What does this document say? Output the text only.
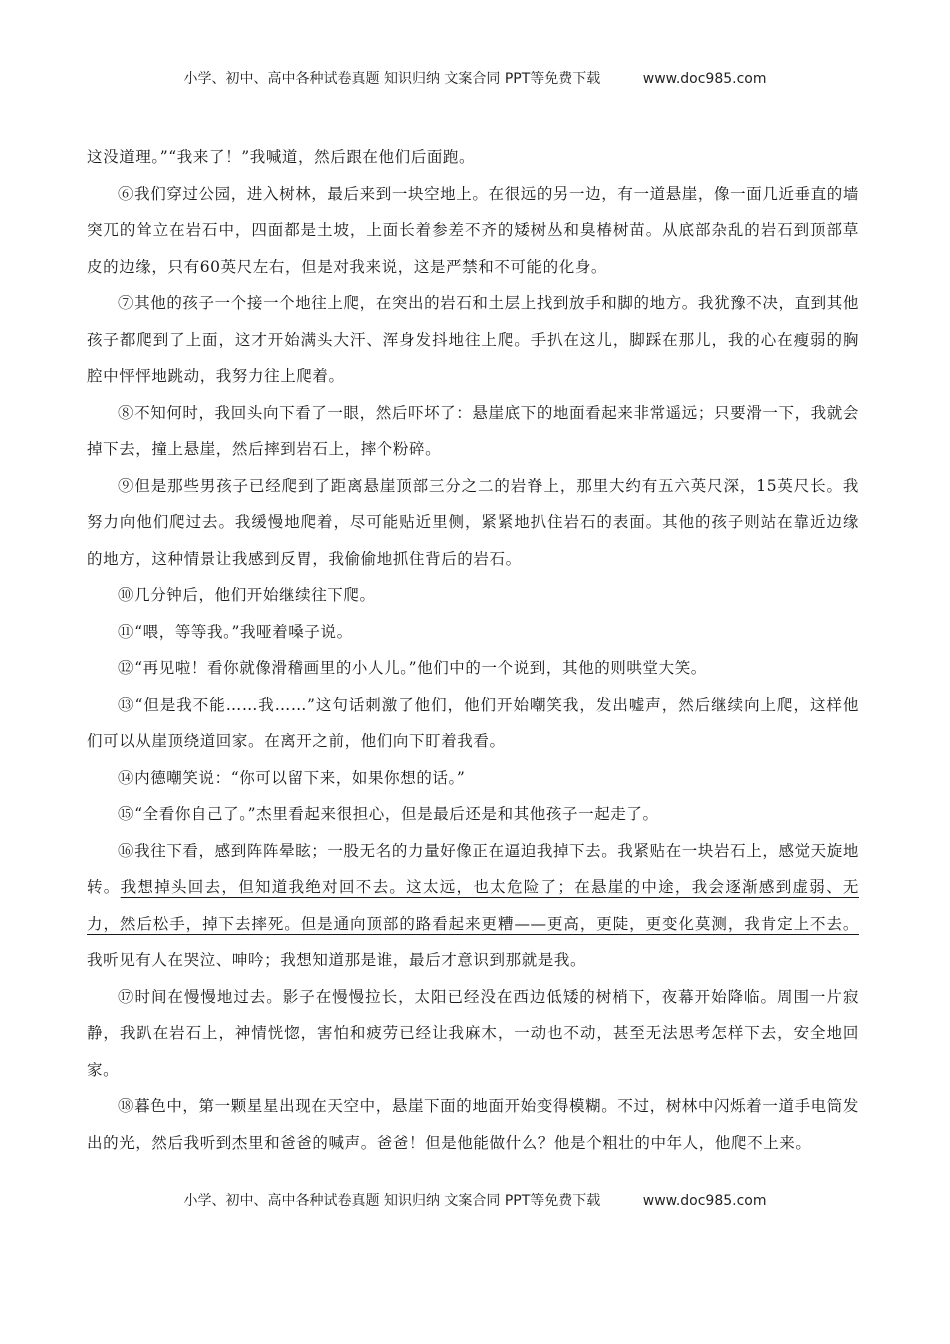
小学、初中、高中各种试卷真题 知识归纳 文案合同 PPT等免费下载	www.doc985.com

这没道理。”“我来了！”我喊道，然后跟在他们后面跑。

⑥我们穿过公园，进入树林，最后来到一块空地上。在很远的另一边，有一道悬崖，像一面几近垂直的墙突兀的耸立在岩石中，四面都是土坡，上面长着参差不齐的矮树丛和臭椿树苗。从底部杂乱的岩石到顶部草皮的边缘，只有60英尺左右，但是对我来说，这是严禁和不可能的化身。

⑦其他的孩子一个接一个地往上爬，在突出的岩石和土层上找到放手和脚的地方。我犹豫不决，直到其他孩子都爬到了上面，这才开始满头大汗、浑身发抖地往上爬。手扒在这儿，脚踩在那儿，我的心在瘦弱的胸腔中怦怦地跳动，我努力往上爬着。

⑧不知何时，我回头向下看了一眼，然后吓坏了：悬崖底下的地面看起来非常遥远；只要滑一下，我就会掉下去，撞上悬崖，然后摔到岩石上，摔个粉碎。

⑨但是那些男孩子已经爬到了距离悬崖顶部三分之二的岩脊上，那里大约有五六英尺深，15英尺长。我努力向他们爬过去。我缓慢地爬着，尽可能贴近里侧，紧紧地扒住岩石的表面。其他的孩子则站在靠近边缘的地方，这种情景让我感到反胃，我偷偷地抓住背后的岩石。

⑩几分钟后，他们开始继续往下爬。

⑪“喂，等等我。”我哑着嗓子说。

⑫“再见啦！看你就像滑稽画里的小人儿。”他们中的一个说到，其他的则哄堂大笑。

⑬“但是我不能……我……”这句话刺激了他们，他们开始嘲笑我，发出嘘声，然后继续向上爬，这样他们可以从崖顶绕道回家。在离开之前，他们向下盯着我看。

⑭内德嘲笑说：“你可以留下来，如果你想的话。”

⑮“全看你自己了。”杰里看起来很担心，但是最后还是和其他孩子一起走了。

⑯我往下看，感到阵阵晕眩；一股无名的力量好像正在逼迫我掉下去。我紧贴在一块岩石上，感觉天旋地转。我想掉头回去，但知道我绝对回不去。这太远，也太危险了；在悬崖的中途，我会逐渐感到虚弱、无力，然后松手，掉下去摔死。但是通向顶部的路看起来更糟——更高，更陡，更变化莫测，我肯定上不去。我听见有人在哭泣、呻吟；我想知道那是谁，最后才意识到那就是我。

⑰时间在慢慢地过去。影子在慢慢拉长，太阳已经没在西边低矮的树梢下，夜幕开始降临。周围一片寂静，我趴在岩石上，神情恍惚，害怕和疲劳已经让我麻木，一动也不动，甚至无法思考怎样下去，安全地回家。

⑱暮色中，第一颗星星出现在天空中，悬崖下面的地面开始变得模糊。不过，树林中闪烁着一道手电筒发出的光，然后我听到杰里和爸爸的喊声。爸爸！但是他能做什么？他是个粗壮的中年人，他爬不上来。

小学、初中、高中各种试卷真题 知识归纳 文案合同 PPT等免费下载	www.doc985.com
